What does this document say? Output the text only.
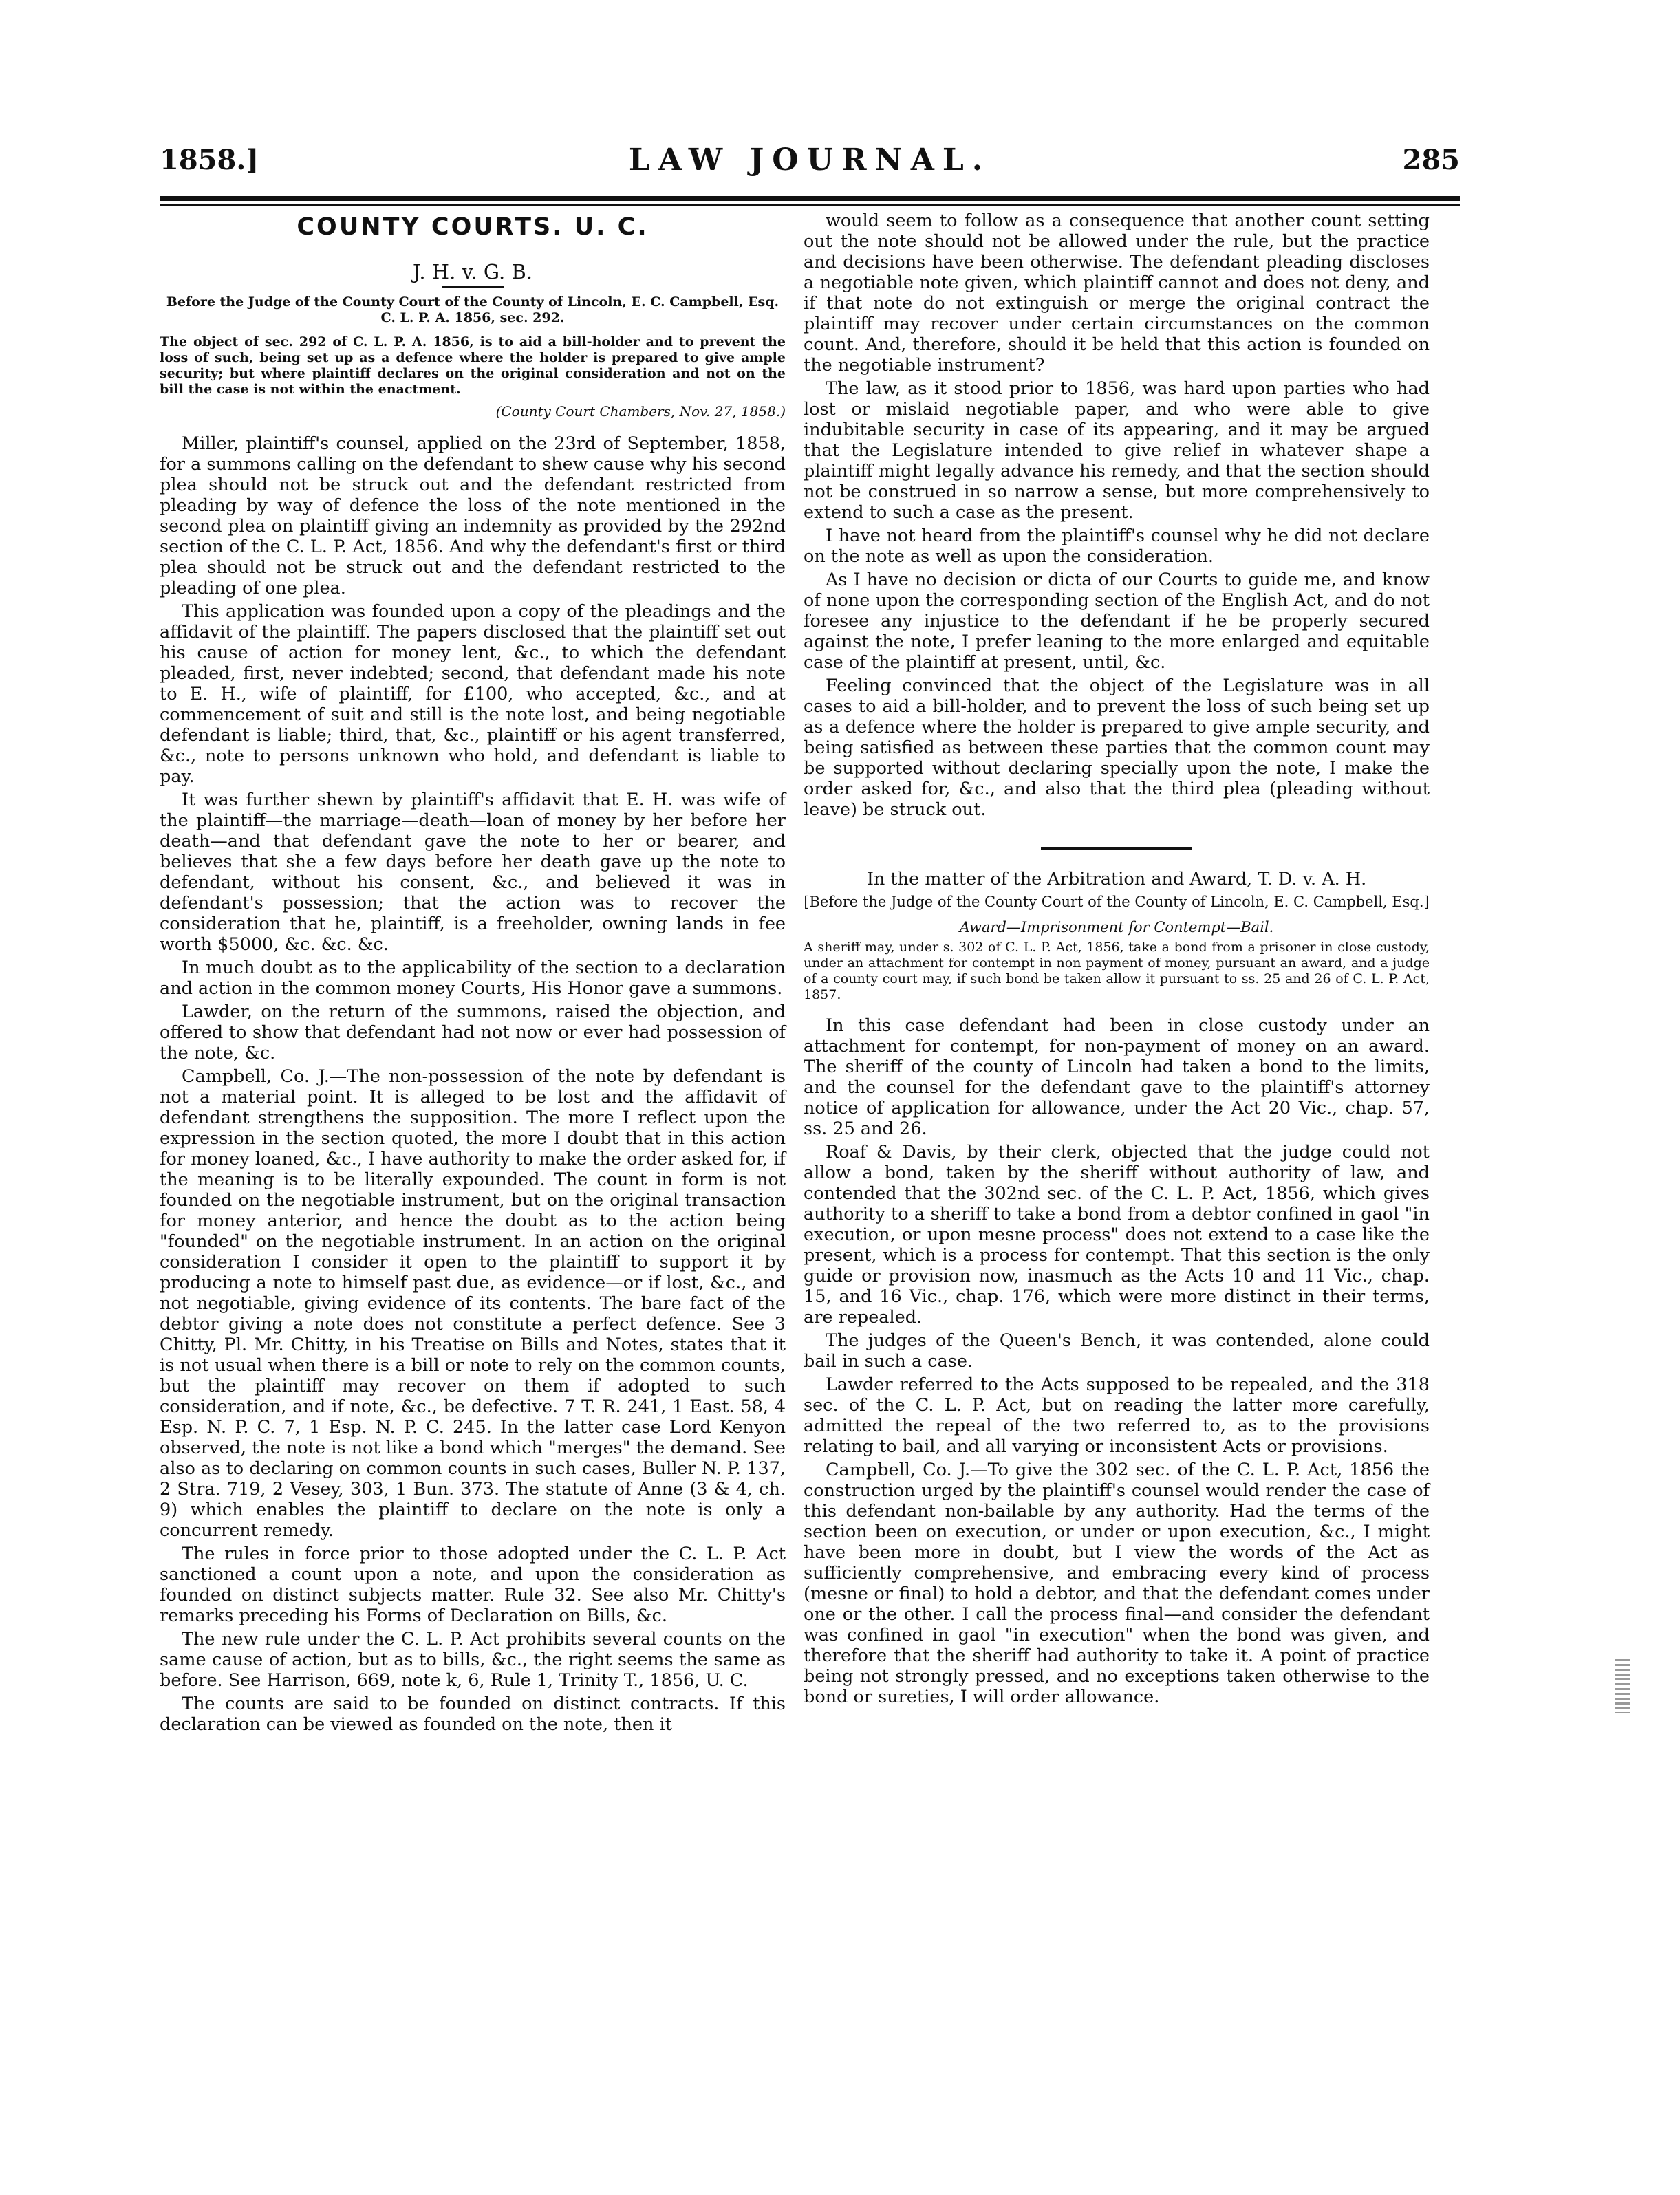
1858.]	LAW JOURNAL.	285
COUNTY COURTS. U. C.
J. H. v. G. B.
Before the Judge of the County Court of the County of Lincoln, E. C. Campbell, Esq. C. L. P. A. 1856, sec. 292.
The object of sec. 292 of C. L. P. A. 1856, is to aid a bill-holder and to prevent the loss of such, being set up as a defence where the holder is prepared to give ample security; but where plaintiff declares on the original consideration and not on the bill the case is not within the enactment.
(County Court Chambers, Nov. 27, 1858.)

Miller, plaintiff's counsel, applied on the 23rd of September, 1858, for a summons calling on the defendant to shew cause why his second plea should not be struck out and the defendant restricted from pleading by way of defence the loss of the note mentioned in the second plea on plaintiff giving an indemnity as provided by the 292nd section of the C. L. P. Act, 1856. And why the defendant's first or third plea should not be struck out and the defendant restricted to the pleading of one plea.

This application was founded upon a copy of the pleadings and the affidavit of the plaintiff. The papers disclosed that the plaintiff set out his cause of action for money lent, &c., to which the defendant pleaded, first, never indebted; second, that defendant made his note to E. H., wife of plaintiff, for £100, who accepted, &c., and at commencement of suit and still is the note lost, and being negotiable defendant is liable; third, that, &c., plaintiff or his agent transferred, &c., note to persons unknown who hold, and defendant is liable to pay.

It was further shewn by plaintiff's affidavit that E. H. was wife of the plaintiff—the marriage—death—loan of money by her before her death—and that defendant gave the note to her or bearer, and believes that she a few days before her death gave up the note to defendant, without his consent, &c., and believed it was in defendant's possession; that the action was to recover the consideration that he, plaintiff, is a freeholder, owning lands in fee worth $5000, &c. &c. &c.

In much doubt as to the applicability of the section to a declaration and action in the common money Courts, His Honor gave a summons.

Lawder, on the return of the summons, raised the objection, and offered to show that defendant had not now or ever had possession of the note, &c.

Campbell, Co. J.—The non-possession of the note by defendant is not a material point. It is alleged to be lost and the affidavit of defendant strengthens the supposition. The more I reflect upon the expression in the section quoted, the more I doubt that in this action for money loaned, &c., I have authority to make the order asked for, if the meaning is to be literally expounded. The count in form is not founded on the negotiable instrument, but on the original transaction for money anterior, and hence the doubt as to the action being "founded" on the negotiable instrument. In an action on the original consideration I consider it open to the plaintiff to support it by producing a note to himself past due, as evidence—or if lost, &c., and not negotiable, giving evidence of its contents. The bare fact of the debtor giving a note does not constitute a perfect defence. See 3 Chitty, Pl. Mr. Chitty, in his Treatise on Bills and Notes, states that it is not usual when there is a bill or note to rely on the common counts, but the plaintiff may recover on them if adopted to such consideration, and if note, &c., be defective. 7 T. R. 241, 1 East. 58, 4 Esp. N. P. C. 7, 1 Esp. N. P. C. 245. In the latter case Lord Kenyon observed, the note is not like a bond which "merges" the demand. See also as to declaring on common counts in such cases, Buller N. P. 137, 2 Stra. 719, 2 Vesey, 303, 1 Bun. 373. The statute of Anne (3 & 4, ch. 9) which enables the plaintiff to declare on the note is only a concurrent remedy.

The rules in force prior to those adopted under the C. L. P. Act sanctioned a count upon a note, and upon the consideration as founded on distinct subjects matter. Rule 32. See also Mr. Chitty's remarks preceding his Forms of Declaration on Bills, &c.

The new rule under the C. L. P. Act prohibits several counts on the same cause of action, but as to bills, &c., the right seems the same as before. See Harrison, 669, note k, 6, Rule 1, Trinity T., 1856, U. C.

The counts are said to be founded on distinct contracts. If this declaration can be viewed as founded on the note, then it

would seem to follow as a consequence that another count setting out the note should not be allowed under the rule, but the practice and decisions have been otherwise. The defendant pleading discloses a negotiable note given, which plaintiff cannot and does not deny, and if that note do not extinguish or merge the original contract the plaintiff may recover under certain circumstances on the common count. And, therefore, should it be held that this action is founded on the negotiable instrument?

The law, as it stood prior to 1856, was hard upon parties who had lost or mislaid negotiable paper, and who were able to give indubitable security in case of its appearing, and it may be argued that the Legislature intended to give relief in whatever shape a plaintiff might legally advance his remedy, and that the section should not be construed in so narrow a sense, but more comprehensively to extend to such a case as the present.

I have not heard from the plaintiff's counsel why he did not declare on the note as well as upon the consideration.

As I have no decision or dicta of our Courts to guide me, and know of none upon the corresponding section of the English Act, and do not foresee any injustice to the defendant if he be properly secured against the note, I prefer leaning to the more enlarged and equitable case of the plaintiff at present, until, &c.

Feeling convinced that the object of the Legislature was in all cases to aid a bill-holder, and to prevent the loss of such being set up as a defence where the holder is prepared to give ample security, and being satisfied as between these parties that the common count may be supported without declaring specially upon the note, I make the order asked for, &c., and also that the third plea (pleading without leave) be struck out.

In the matter of the Arbitration and Award, T. D. v. A. H.
[Before the Judge of the County Court of the County of Lincoln, E. C. Campbell, Esq.]
Award—Imprisonment for Contempt—Bail.
A sheriff may, under s. 302 of C. L. P. Act, 1856, take a bond from a prisoner in close custody, under an attachment for contempt in non payment of money, pursuant an award, and a judge of a county court may, if such bond be taken allow it pursuant to ss. 25 and 26 of C. L. P. Act, 1857.

In this case defendant had been in close custody under an attachment for contempt, for non-payment of money on an award. The sheriff of the county of Lincoln had taken a bond to the limits, and the counsel for the defendant gave to the plaintiff's attorney notice of application for allowance, under the Act 20 Vic., chap. 57, ss. 25 and 26.

Roaf & Davis, by their clerk, objected that the judge could not allow a bond, taken by the sheriff without authority of law, and contended that the 302nd sec. of the C. L. P. Act, 1856, which gives authority to a sheriff to take a bond from a debtor confined in gaol "in execution, or upon mesne process" does not extend to a case like the present, which is a process for contempt. That this section is the only guide or provision now, inasmuch as the Acts 10 and 11 Vic., chap. 15, and 16 Vic., chap. 176, which were more distinct in their terms, are repealed.

The judges of the Queen's Bench, it was contended, alone could bail in such a case.

Lawder referred to the Acts supposed to be repealed, and the 318 sec. of the C. L. P. Act, but on reading the latter more carefully, admitted the repeal of the two referred to, as to the provisions relating to bail, and all varying or inconsistent Acts or provisions.

Campbell, Co. J.—To give the 302 sec. of the C. L. P. Act, 1856 the construction urged by the plaintiff's counsel would render the case of this defendant non-bailable by any authority. Had the terms of the section been on execution, or under or upon execution, &c., I might have been more in doubt, but I view the words of the Act as sufficiently comprehensive, and embracing every kind of process (mesne or final) to hold a debtor, and that the defendant comes under one or the other. I call the process final—and consider the defendant was confined in gaol "in execution" when the bond was given, and therefore that the sheriff had authority to take it. A point of practice being not strongly pressed, and no exceptions taken otherwise to the bond or sureties, I will order allowance.
